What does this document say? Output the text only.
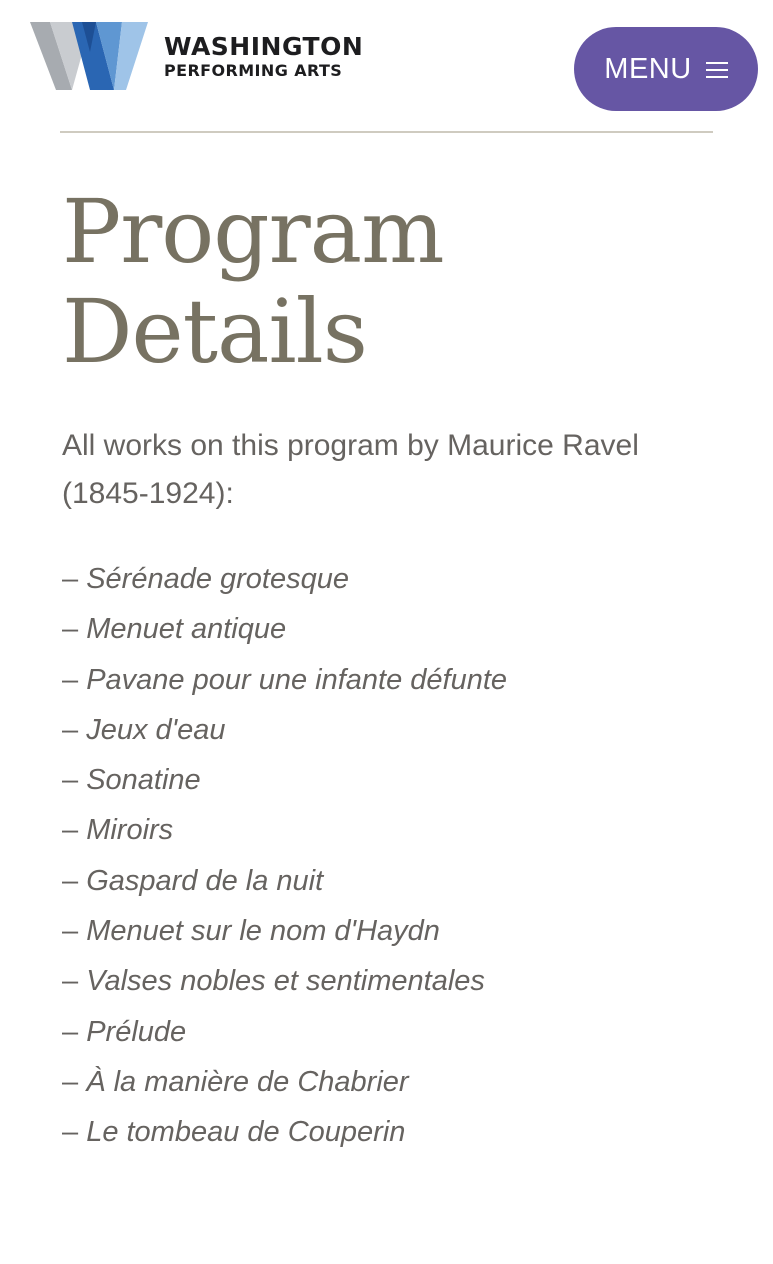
WASHINGTON
PERFORMING ARTS	MENU
Program
Details

All works on this program by Maurice Ravel (1845-1924):

– Sérénade grotesque
– Menuet antique
– Pavane pour une infante défunte
– Jeux d'eau
– Sonatine
– Miroirs
– Gaspard de la nuit
– Menuet sur le nom d'Haydn
– Valses nobles et sentimentales
– Prélude
– À la manière de Chabrier
– Le tombeau de Couperin
